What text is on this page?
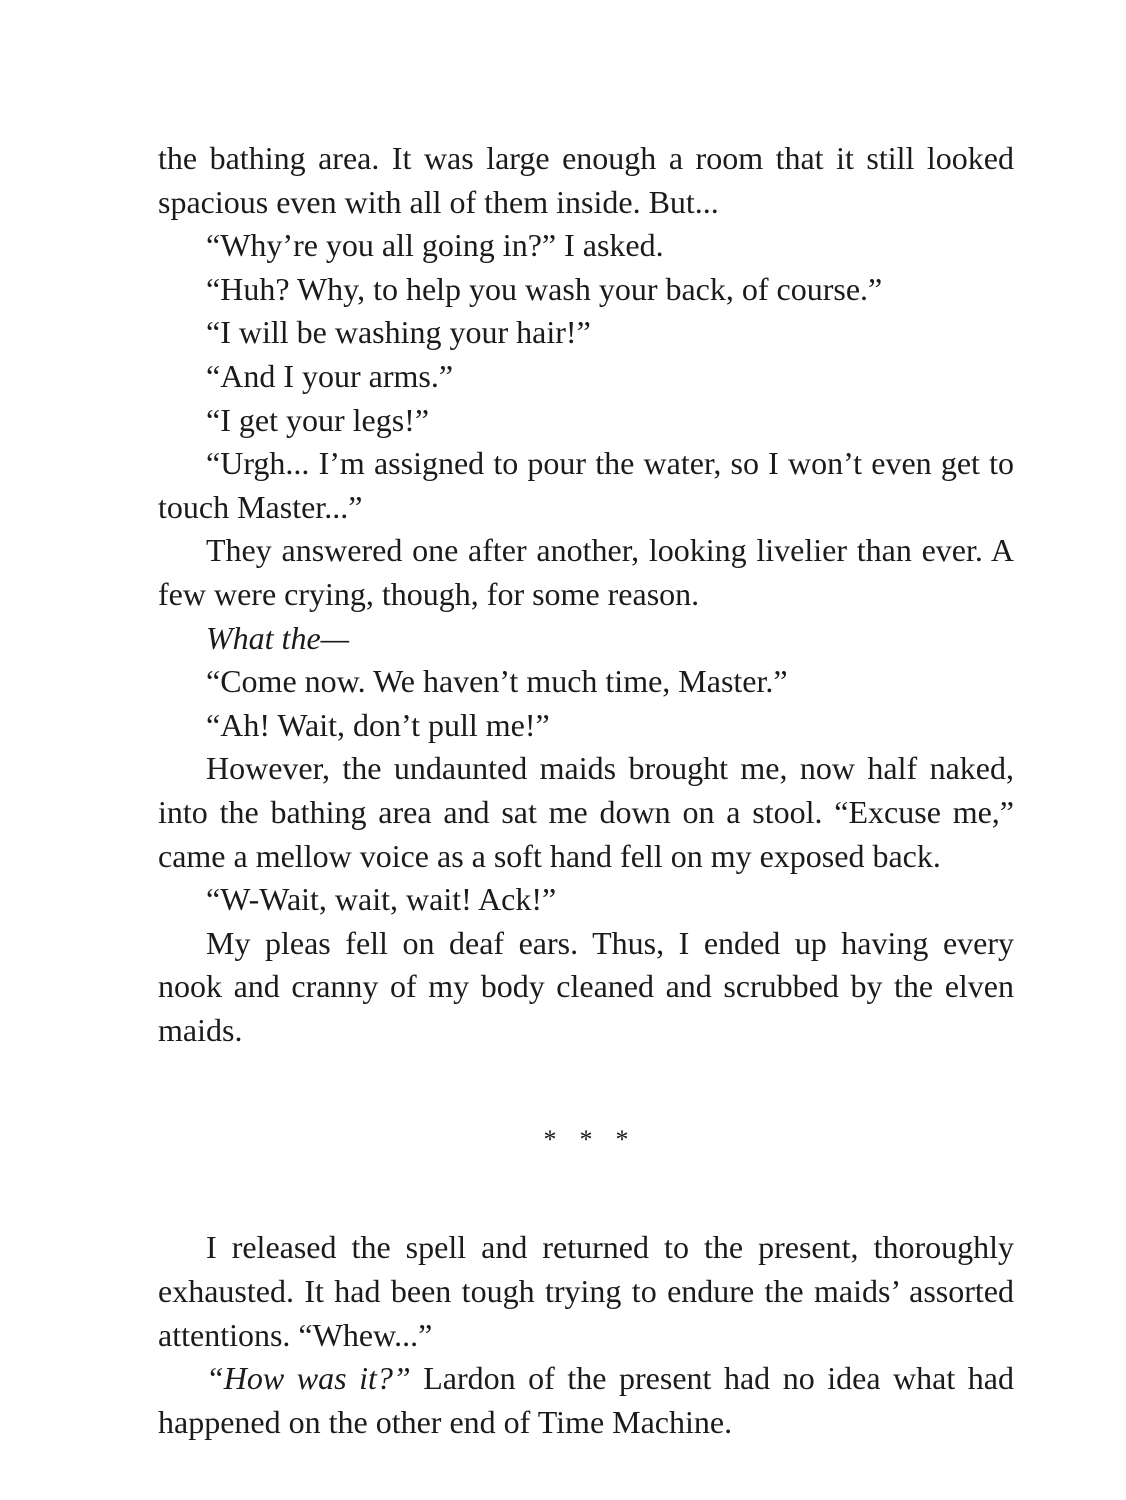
the bathing area. It was large enough a room that it still looked spacious even with all of them inside. But...

“Why’re you all going in?” I asked.

“Huh? Why, to help you wash your back, of course.”

“I will be washing your hair!”

“And I your arms.”

“I get your legs!”

“Urgh... I’m assigned to pour the water, so I won’t even get to touch Master...”

They answered one after another, looking livelier than ever. A few were crying, though, for some reason.

What the—

“Come now. We haven’t much time, Master.”

“Ah! Wait, don’t pull me!”

However, the undaunted maids brought me, now half naked, into the bathing area and sat me down on a stool. “Excuse me,” came a mellow voice as a soft hand fell on my exposed back.

“W-Wait, wait, wait! Ack!”

My pleas fell on deaf ears. Thus, I ended up having every nook and cranny of my body cleaned and scrubbed by the elven maids.

* * *

I released the spell and returned to the present, thoroughly exhausted. It had been tough trying to endure the maids’ assorted attentions. “Whew...”

“How was it?” Lardon of the present had no idea what had happened on the other end of Time Machine.
